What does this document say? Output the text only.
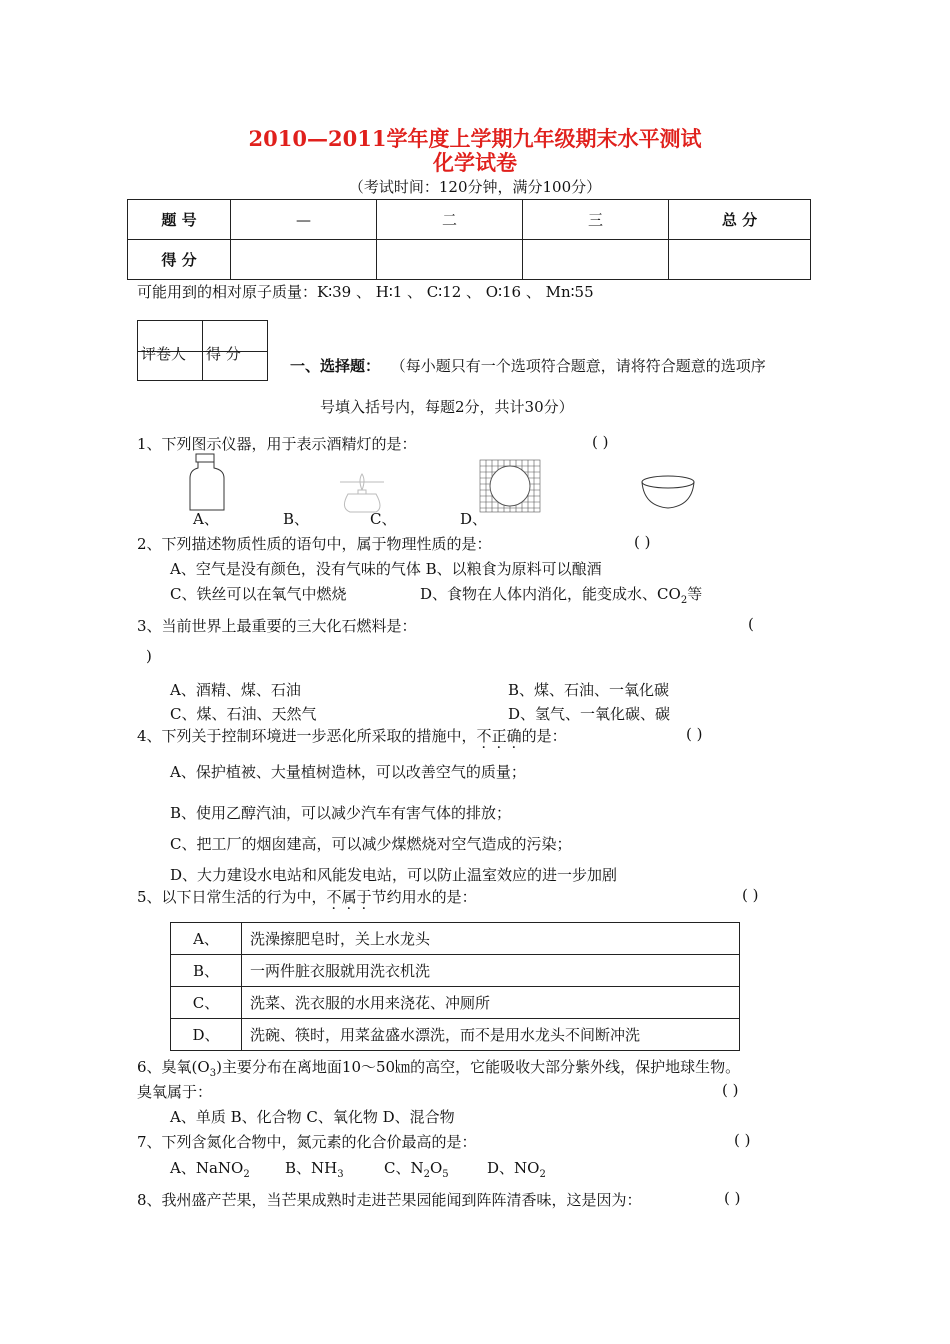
2010—2011学年度上学期九年级期末水平测试
化学试卷
（考试时间：120分钟，满分100分）
题 号	—	二	三	总 分
得 分				
可能用到的相对原子质量：K∶39 、 H∶1 、 C∶12 、 O∶16 、 Mn∶55
评卷人 得 分
一、选择题： （每小题只有一个选项符合题意，请将符合题意的选项序
号填入括号内，每题2分，共计30分）
1、下列图示仪器，用于表示酒精灯的是：	( )
A、	B、	C、	D、
2、下列描述物质性质的语句中，属于物理性质的是：	( )
A、空气是没有颜色，没有气味的气体 B、以粮食为原料可以酿酒
C、铁丝可以在氧气中燃烧	D、食物在人体内消化，能变成水、$CO_2$等
3、当前世界上最重要的三大化石燃料是：	(
)
A、酒精、煤、石油	B、煤、石油、一氧化碳
C、煤、石油、天然气	D、氢气、一氧化碳、碳
4、下列关于控制环境进一步恶化所采取的措施中，不正确的是：	( )
A、保护植被、大量植树造林，可以改善空气的质量；
B、使用乙醇汽油，可以减少汽车有害气体的排放；
C、把工厂的烟囱建高，可以减少煤燃烧对空气造成的污染；
D、大力建设水电站和风能发电站，可以防止温室效应的进一步加剧
5、以下日常生活的行为中，不属于节约用水的是：	( )
A、	洗澡擦肥皂时，关上水龙头
B、	一两件脏衣服就用洗衣机洗
C、	洗菜、洗衣服的水用来浇花、冲厕所
D、	洗碗、筷时，用菜盆盛水漂洗，而不是用水龙头不间断冲洗
6、臭氧$(O_3)$主要分布在离地面10～50㎞的高空，它能吸收大部分紫外线，保护地球生物。
臭氧属于：	( )
A、单质 B、化合物 C、氧化物 D、混合物
7、下列含氮化合物中，氮元素的化合价最高的是：	( )
A、NaNO$_2$ B、$NH_3$	C、$N_2O_5$	D、$NO_2$
8、我州盛产芒果，当芒果成熟时走进芒果园能闻到阵阵清香味，这是因为：	( )
